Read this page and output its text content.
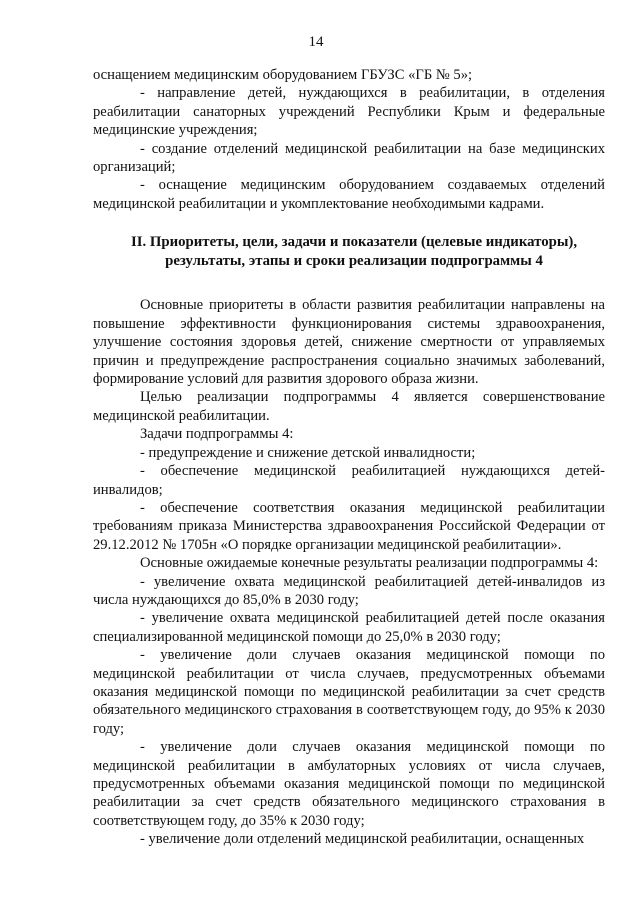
14

оснащением медицинским оборудованием ГБУЗС «ГБ № 5»;

- направление детей, нуждающихся в реабилитации, в отделения реабилитации санаторных учреждений Республики Крым и федеральные медицинские учреждения;

- создание отделений медицинской реабилитации на базе медицинских организаций;

- оснащение медицинским оборудованием создаваемых отделений медицинской реабилитации и укомплектование необходимыми кадрами.

II. Приоритеты, цели, задачи и показатели (целевые индикаторы), результаты, этапы и сроки реализации подпрограммы 4

Основные приоритеты в области развития реабилитации направлены на повышение эффективности функционирования системы здравоохранения, улучшение состояния здоровья детей, снижение смертности от управляемых причин и предупреждение распространения социально значимых заболеваний, формирование условий для развития здорового образа жизни.

Целью реализации подпрограммы 4 является совершенствование медицинской реабилитации.

Задачи подпрограммы 4:

- предупреждение и снижение детской инвалидности;

- обеспечение медицинской реабилитацией нуждающихся детей-инвалидов;

- обеспечение соответствия оказания медицинской реабилитации требованиям приказа Министерства здравоохранения Российской Федерации от 29.12.2012 № 1705н «О порядке организации медицинской реабилитации».

Основные ожидаемые конечные результаты реализации подпрограммы 4:

- увеличение охвата медицинской реабилитацией детей-инвалидов из числа нуждающихся до 85,0% в 2030 году;

- увеличение охвата медицинской реабилитацией детей после оказания специализированной медицинской помощи до 25,0% в 2030 году;

- увеличение доли случаев оказания медицинской помощи по медицинской реабилитации от числа случаев, предусмотренных объемами оказания медицинской помощи по медицинской реабилитации за счет средств обязательного медицинского страхования в соответствующем году, до 95% к 2030 году;

- увеличение доли случаев оказания медицинской помощи по медицинской реабилитации в амбулаторных условиях от числа случаев, предусмотренных объемами оказания медицинской помощи по медицинской реабилитации за счет средств обязательного медицинского страхования в соответствующем году, до 35% к 2030 году;

- увеличение доли отделений медицинской реабилитации, оснащенных
